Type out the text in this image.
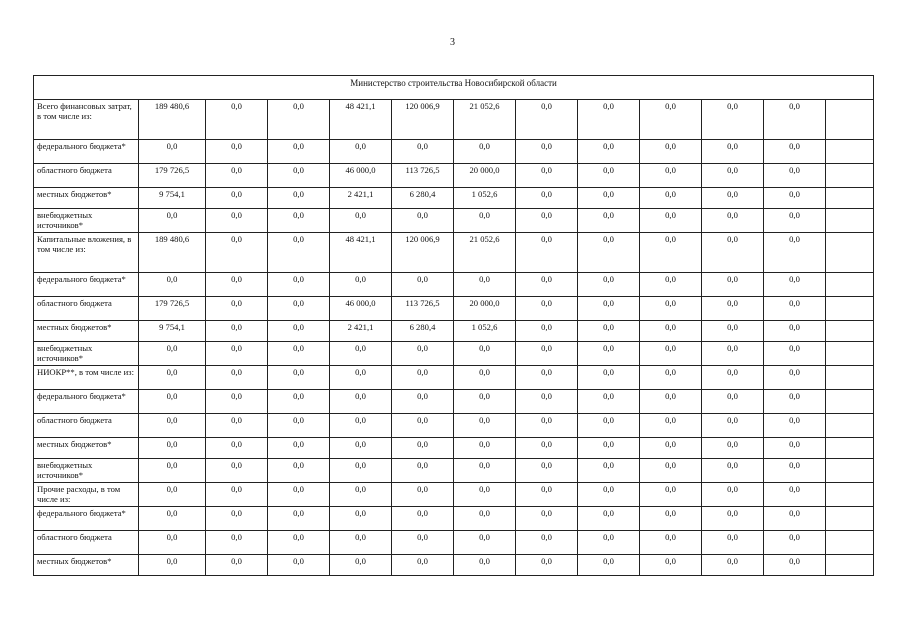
3
Министерство строительства Новосибирской области												
Всего финансовых затрат, в том числе из:	189 480,6	0,0	0,0	48 421,1	120 006,9	21 052,6	0,0	0,0	0,0	0,0	0,0	
федерального бюджета*	0,0	0,0	0,0	0,0	0,0	0,0	0,0	0,0	0,0	0,0	0,0	
областного бюджета	179 726,5	0,0	0,0	46 000,0	113 726,5	20 000,0	0,0	0,0	0,0	0,0	0,0	
местных бюджетов*	9 754,1	0,0	0,0	2 421,1	6 280,4	1 052,6	0,0	0,0	0,0	0,0	0,0	
внебюджетных источников*	0,0	0,0	0,0	0,0	0,0	0,0	0,0	0,0	0,0	0,0	0,0	
Капитальные вложения, в том числе из:	189 480,6	0,0	0,0	48 421,1	120 006,9	21 052,6	0,0	0,0	0,0	0,0	0,0	
федерального бюджета*	0,0	0,0	0,0	0,0	0,0	0,0	0,0	0,0	0,0	0,0	0,0	
областного бюджета	179 726,5	0,0	0,0	46 000,0	113 726,5	20 000,0	0,0	0,0	0,0	0,0	0,0	
местных бюджетов*	9 754,1	0,0	0,0	2 421,1	6 280,4	1 052,6	0,0	0,0	0,0	0,0	0,0	
внебюджетных источников*	0,0	0,0	0,0	0,0	0,0	0,0	0,0	0,0	0,0	0,0	0,0	
НИОКР**, в том числе из:	0,0	0,0	0,0	0,0	0,0	0,0	0,0	0,0	0,0	0,0	0,0	
федерального бюджета*	0,0	0,0	0,0	0,0	0,0	0,0	0,0	0,0	0,0	0,0	0,0	
областного бюджета	0,0	0,0	0,0	0,0	0,0	0,0	0,0	0,0	0,0	0,0	0,0	
местных бюджетов*	0,0	0,0	0,0	0,0	0,0	0,0	0,0	0,0	0,0	0,0	0,0	
внебюджетных источников*	0,0	0,0	0,0	0,0	0,0	0,0	0,0	0,0	0,0	0,0	0,0	
Прочие расходы, в том числе из:	0,0	0,0	0,0	0,0	0,0	0,0	0,0	0,0	0,0	0,0	0,0	
федерального бюджета*	0,0	0,0	0,0	0,0	0,0	0,0	0,0	0,0	0,0	0,0	0,0	
областного бюджета	0,0	0,0	0,0	0,0	0,0	0,0	0,0	0,0	0,0	0,0	0,0	
местных бюджетов*	0,0	0,0	0,0	0,0	0,0	0,0	0,0	0,0	0,0	0,0	0,0	
